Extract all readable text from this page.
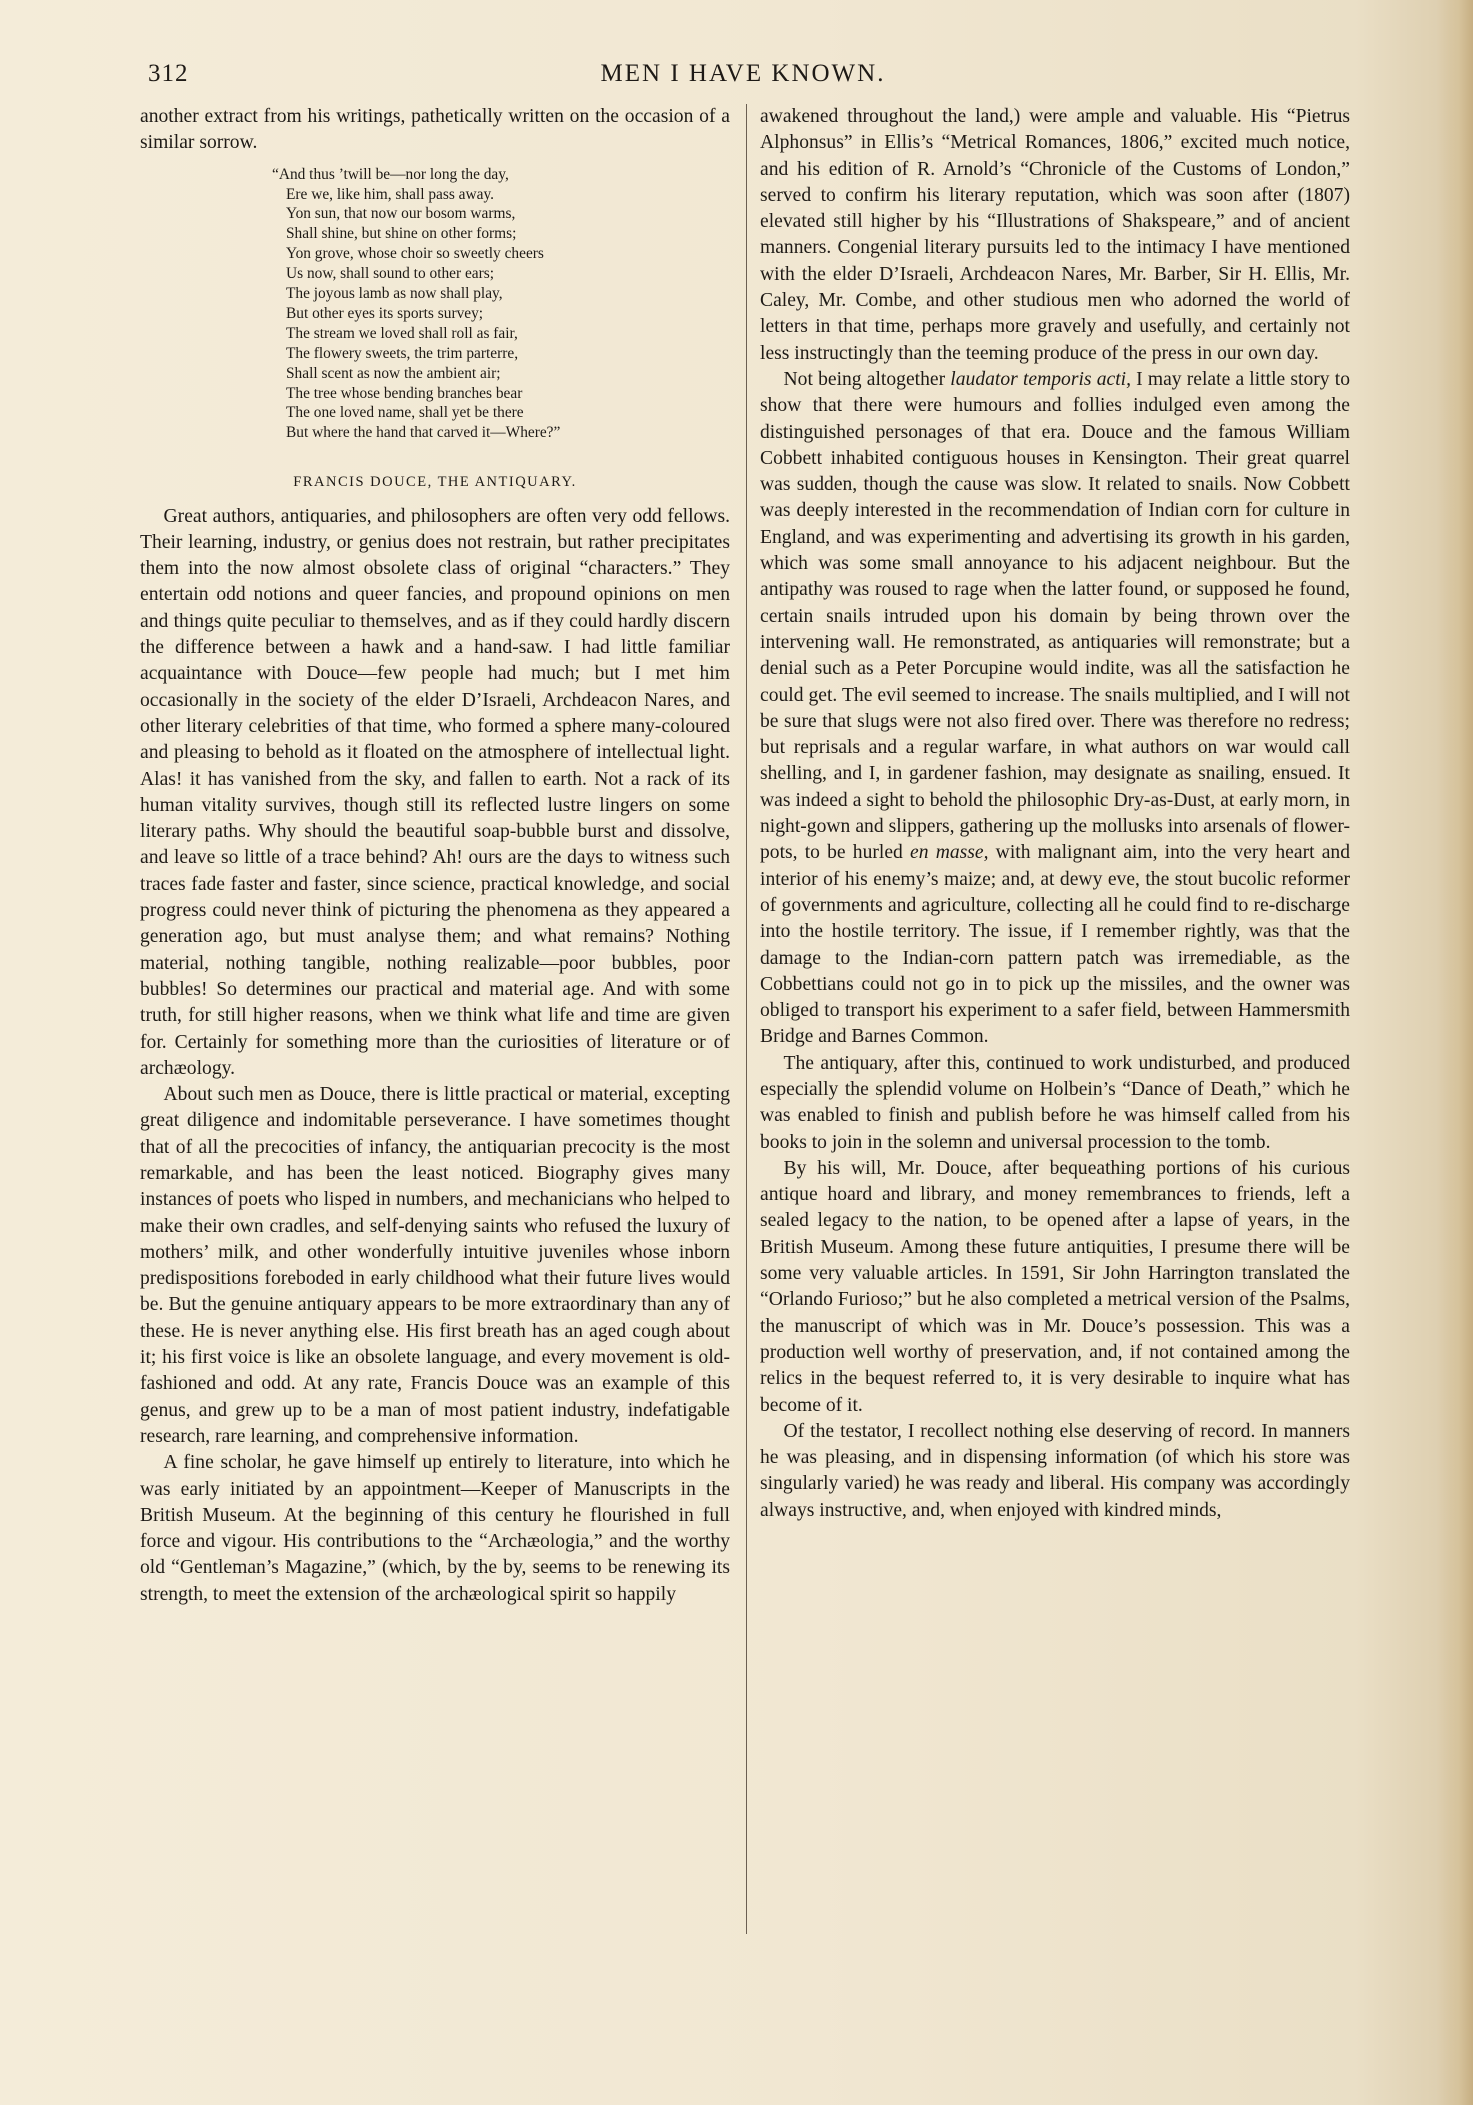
312	MEN I HAVE KNOWN.

another extract from his writings, pathetically written on the occasion of a similar sorrow.

“And thus ’twill be—nor long the day,
Ere we, like him, shall pass away.
Yon sun, that now our bosom warms,
Shall shine, but shine on other forms;
Yon grove, whose choir so sweetly cheers
Us now, shall sound to other ears;
The joyous lamb as now shall play,
But other eyes its sports survey;
The stream we loved shall roll as fair,
The flowery sweets, the trim parterre,
Shall scent as now the ambient air;
The tree whose bending branches bear
The one loved name, shall yet be there
But where the hand that carved it—Where?”

FRANCIS DOUCE, THE ANTIQUARY.

Great authors, antiquaries, and philosophers are often very odd fellows. Their learning, industry, or genius does not restrain, but rather precipitates them into the now almost obsolete class of original “characters.” They entertain odd notions and queer fancies, and propound opinions on men and things quite peculiar to themselves, and as if they could hardly discern the difference between a hawk and a hand-saw. I had little familiar acquaintance with Douce—few people had much; but I met him occasionally in the society of the elder D’Israeli, Archdeacon Nares, and other literary celebrities of that time, who formed a sphere many-coloured and pleasing to behold as it floated on the atmosphere of intellectual light. Alas! it has vanished from the sky, and fallen to earth. Not a rack of its human vitality survives, though still its reflected lustre lingers on some literary paths. Why should the beautiful soap-bubble burst and dissolve, and leave so little of a trace behind? Ah! ours are the days to witness such traces fade faster and faster, since science, practical knowledge, and social progress could never think of picturing the phenomena as they appeared a generation ago, but must analyse them; and what remains? Nothing material, nothing tangible, nothing realizable—poor bubbles, poor bubbles! So determines our practical and material age. And with some truth, for still higher reasons, when we think what life and time are given for. Certainly for something more than the curiosities of literature or of archæology.

About such men as Douce, there is little practical or material, excepting great diligence and indomitable perseverance. I have sometimes thought that of all the precocities of infancy, the antiquarian precocity is the most remarkable, and has been the least noticed. Biography gives many instances of poets who lisped in numbers, and mechanicians who helped to make their own cradles, and self-denying saints who refused the luxury of mothers’ milk, and other wonderfully intuitive juveniles whose inborn predispositions foreboded in early childhood what their future lives would be. But the genuine antiquary appears to be more extraordinary than any of these. He is never anything else. His first breath has an aged cough about it; his first voice is like an obsolete language, and every movement is old-fashioned and odd. At any rate, Francis Douce was an example of this genus, and grew up to be a man of most patient industry, indefatigable research, rare learning, and comprehensive information.

A fine scholar, he gave himself up entirely to literature, into which he was early initiated by an appointment—Keeper of Manuscripts in the British Museum. At the beginning of this century he flourished in full force and vigour. His contributions to the “Archæologia,” and the worthy old “Gentleman’s Magazine,” (which, by the by, seems to be renewing its strength, to meet the extension of the archæological spirit so happily

awakened throughout the land,) were ample and valuable. His “Pietrus Alphonsus” in Ellis’s “Metrical Romances, 1806,” excited much notice, and his edition of R. Arnold’s “Chronicle of the Customs of London,” served to confirm his literary reputation, which was soon after (1807) elevated still higher by his “Illustrations of Shakspeare,” and of ancient manners. Congenial literary pursuits led to the intimacy I have mentioned with the elder D’Israeli, Archdeacon Nares, Mr. Barber, Sir H. Ellis, Mr. Caley, Mr. Combe, and other studious men who adorned the world of letters in that time, perhaps more gravely and usefully, and certainly not less instructingly than the teeming produce of the press in our own day.

Not being altogether laudator temporis acti, I may relate a little story to show that there were humours and follies indulged even among the distinguished personages of that era. Douce and the famous William Cobbett inhabited contiguous houses in Kensington. Their great quarrel was sudden, though the cause was slow. It related to snails. Now Cobbett was deeply interested in the recommendation of Indian corn for culture in England, and was experimenting and advertising its growth in his garden, which was some small annoyance to his adjacent neighbour. But the antipathy was roused to rage when the latter found, or supposed he found, certain snails intruded upon his domain by being thrown over the intervening wall. He remonstrated, as antiquaries will remonstrate; but a denial such as a Peter Porcupine would indite, was all the satisfaction he could get. The evil seemed to increase. The snails multiplied, and I will not be sure that slugs were not also fired over. There was therefore no redress; but reprisals and a regular warfare, in what authors on war would call shelling, and I, in gardener fashion, may designate as snailing, ensued. It was indeed a sight to behold the philosophic Dry-as-Dust, at early morn, in night-gown and slippers, gathering up the mollusks into arsenals of flower-pots, to be hurled en masse, with malignant aim, into the very heart and interior of his enemy’s maize; and, at dewy eve, the stout bucolic reformer of governments and agriculture, collecting all he could find to re-discharge into the hostile territory. The issue, if I remember rightly, was that the damage to the Indian-corn pattern patch was irremediable, as the Cobbettians could not go in to pick up the missiles, and the owner was obliged to transport his experiment to a safer field, between Hammersmith Bridge and Barnes Common.

The antiquary, after this, continued to work undisturbed, and produced especially the splendid volume on Holbein’s “Dance of Death,” which he was enabled to finish and publish before he was himself called from his books to join in the solemn and universal procession to the tomb.

By his will, Mr. Douce, after bequeathing portions of his curious antique hoard and library, and money remembrances to friends, left a sealed legacy to the nation, to be opened after a lapse of years, in the British Museum. Among these future antiquities, I presume there will be some very valuable articles. In 1591, Sir John Harrington translated the “Orlando Furioso;” but he also completed a metrical version of the Psalms, the manuscript of which was in Mr. Douce’s possession. This was a production well worthy of preservation, and, if not contained among the relics in the bequest referred to, it is very desirable to inquire what has become of it.

Of the testator, I recollect nothing else deserving of record. In manners he was pleasing, and in dispensing information (of which his store was singularly varied) he was ready and liberal. His company was accordingly always instructive, and, when enjoyed with kindred minds,
